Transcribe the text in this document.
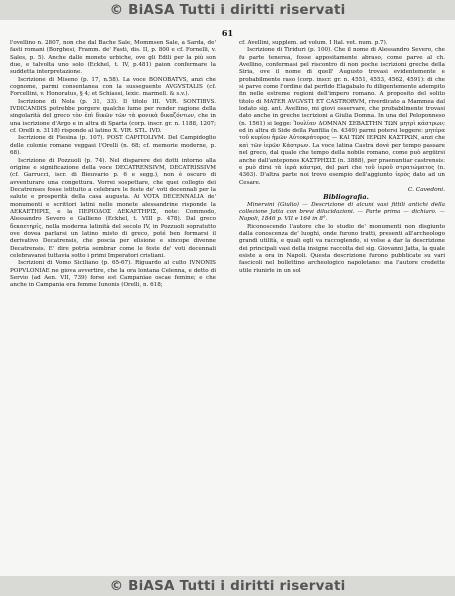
© BiASA Tutti i diritti riservati
61

l'ovellino n. 2807, non che dal Bache Sale, Mommsen Sale, a Sarda, de' fasti romani (Borghesi, Framm. de' Fasti, dis. II, p. 800 e cf. Fornelli, v. Sales, p. 5). Anche dalle monete urbiche, ove gli Edili per la più son due, e talvolta uno solo (Eckhel, t. IV, p.481) paion confermare la suddetta interpretazione.

Iscrizione di Miseno (p. 17, n.58). La voce BONOBATVS, anzi che cognome, parmi consentanea con la susseguente AVGVSTALIS (cf. Forcellini, v. Honoratus, § 4; et Schiassi, lexic. marmell. & s.v.).

Iscrizione di Nola (p. 31, 33). Il titolo III. VIR. SONTIBVS. IVDICANDIS potrebbe porgere qualche lume per render ragione della singolarità del greco τὸν ἐπὶ δικῶν τῶν τὰ φονικὰ δικαζόντων, che in una iscrizione d'Argo e in altra di Sparta (corp. inscr. gr. n. 1188, 1207; cf. Orelli n. 3118) risponde al latino X. VIR. STL. IVD.

Iscrizione di Fiesina (p. 107). POST CAPITOLIVM. Del Campidoglio delle colonie romane veggasi l'Orelli (n. 68; cf. memorie moderne, p. 68).

Iscrizione di Pozzuoli (p. 74). Nel disparere dei dotti intorno alla origine e significazione della voce DECATRENSIVM, DECATRISSIVM (cf. Garrucci, iscr. di Bieuvario p. 6 e segg.), non è oscuro di avventurare una congettura. Vorrei sospettare, che quei collegio dei Decatrenses fosse istituito a celebrare le feste de' voti decennali per la salute e prosperità della casa augusta. Ai VOTA DECENNALIA de' monumenti e scrittori latini nelle monete alessandrine risponde la ΔΕΚΑΕΤΗΡΙΣ, e la ΠΕΡΙΟΔΟΣ ΔΕΚΑΕΤΗΡΙΣ, note: Commodo, Alessandro Severo e Gallieno (Eckhel, t. VIII p. 478). Dal greco δεκαετηρίς, nella moderna latinità del secolo IV, in Pozzuoli sopratutto ove dovea parlarsi un latino misto di greco, poté ben formarsi il derivativo Decatrensis, che poscia per elisione e sincope divenne Decatrensis. E' dire potria sembrar come le feste de' voti decennali celebravansi tuttavia sotto i primi Imperatori cristiani.

Iscrizioni di Vomo Siciliano (p. 65-67). Riguardo al culto IVNONIS POPVLONIAE ne giova avvertire, che la ora lontana Celenna, e detto di Servio (ad Aen. VII, 739) forse est Campaniae oscae femine; e che anche in Campania era femme Iunonis (Orelli, n. 618;

cf. Avellini, supplem. ad volum. I Ital. vet. num. p.7).

Iscrizione di Tiriduri (p. 100). Che il nome di Alessandro Severo, che fu parte tenerea, fosse appositamente abraso, come parve al ch. Avellino, confermasi pel riscontro di non poche iscrizioni greche della Siria, ove il nome di quell' Augusto trovasi evidentemente e probabilmente raso (corp. inscr. gr. n. 4551, 4553, 4562, 4591): di che si parve come l'ordine dal perfido Elagabalo fu diligentemente adempito fin nelle estreme regioni dell'impero romano. A proposito del solito titolo di MATER AVGVSTI ET CASTRORVM, riverdicato a Mammea dal lodato sig. ant. Avellino, mi giovi osservare, che probabilmente trovasi dato anche in greche iscrizioni a Giulia Domna. In una del Peloponneso (n. 1561) si legge: Ἰουλίαν ΔΟΜΝΑΝ ΣΕΒΑΣΤΗΝ ΤΩΝ μητρὶ κάστρων; ed in altra di Side della Panfilia (n. 4349) parmi potersi leggere: μητέρα τοῦ κυρίου ἡμῶν Αὐτοκράτορος — ΚΑΙ ΤΩΝ ΙΕΡΩΝ ΚΑΣΤΡΩΝ, anzi che καὶ τῶν ἱερῶν Κάστρων. La voce latina Castra dové per tempo passare nel greco, dal quale che tempo della nobile romano, come può argüirsi anche dall'anteponos ΚΑΣΤΡΗΣΙΣ (n. 3888), per praenuntiar castrensis: e può dirsi τὰ ἱερὰ κάστρα, del pari che τοῦ ἱεροῦ στρατώματος (n. 4363). D'altra parte noi trovo esempio dell'aggiunto ἱερὸς dato ad un Cesare.

C. Cavedoni.

Bibliografia.

Minervini (Giulio) — Descrizione di alcuni vasi fittili antichi della collezione Jatta con brevi dilucidazioni. — Parte prima — dichiaro. — Napoli, 1846 p. VII e 164 in 8°.

Riconoscendo l'autore che lo studio de' monumenti non disgiunto dalla conoscenza de' luoghi, onde furono tratti, presenti all'archeologo grandi utilità, e quali egli va raccoglendo, si volse a dar la descrizione dei principali vasi della insigne raccolta del sig. Giovanni Jatta, la quale esiste a ora in Napoli. Questa descrizione furono pubblicate su vari fascicoli nel bollettino archeologico napoletano: ma l'autore credette utile riunirle in un sol

© BiASA Tutti i diritti riservati
